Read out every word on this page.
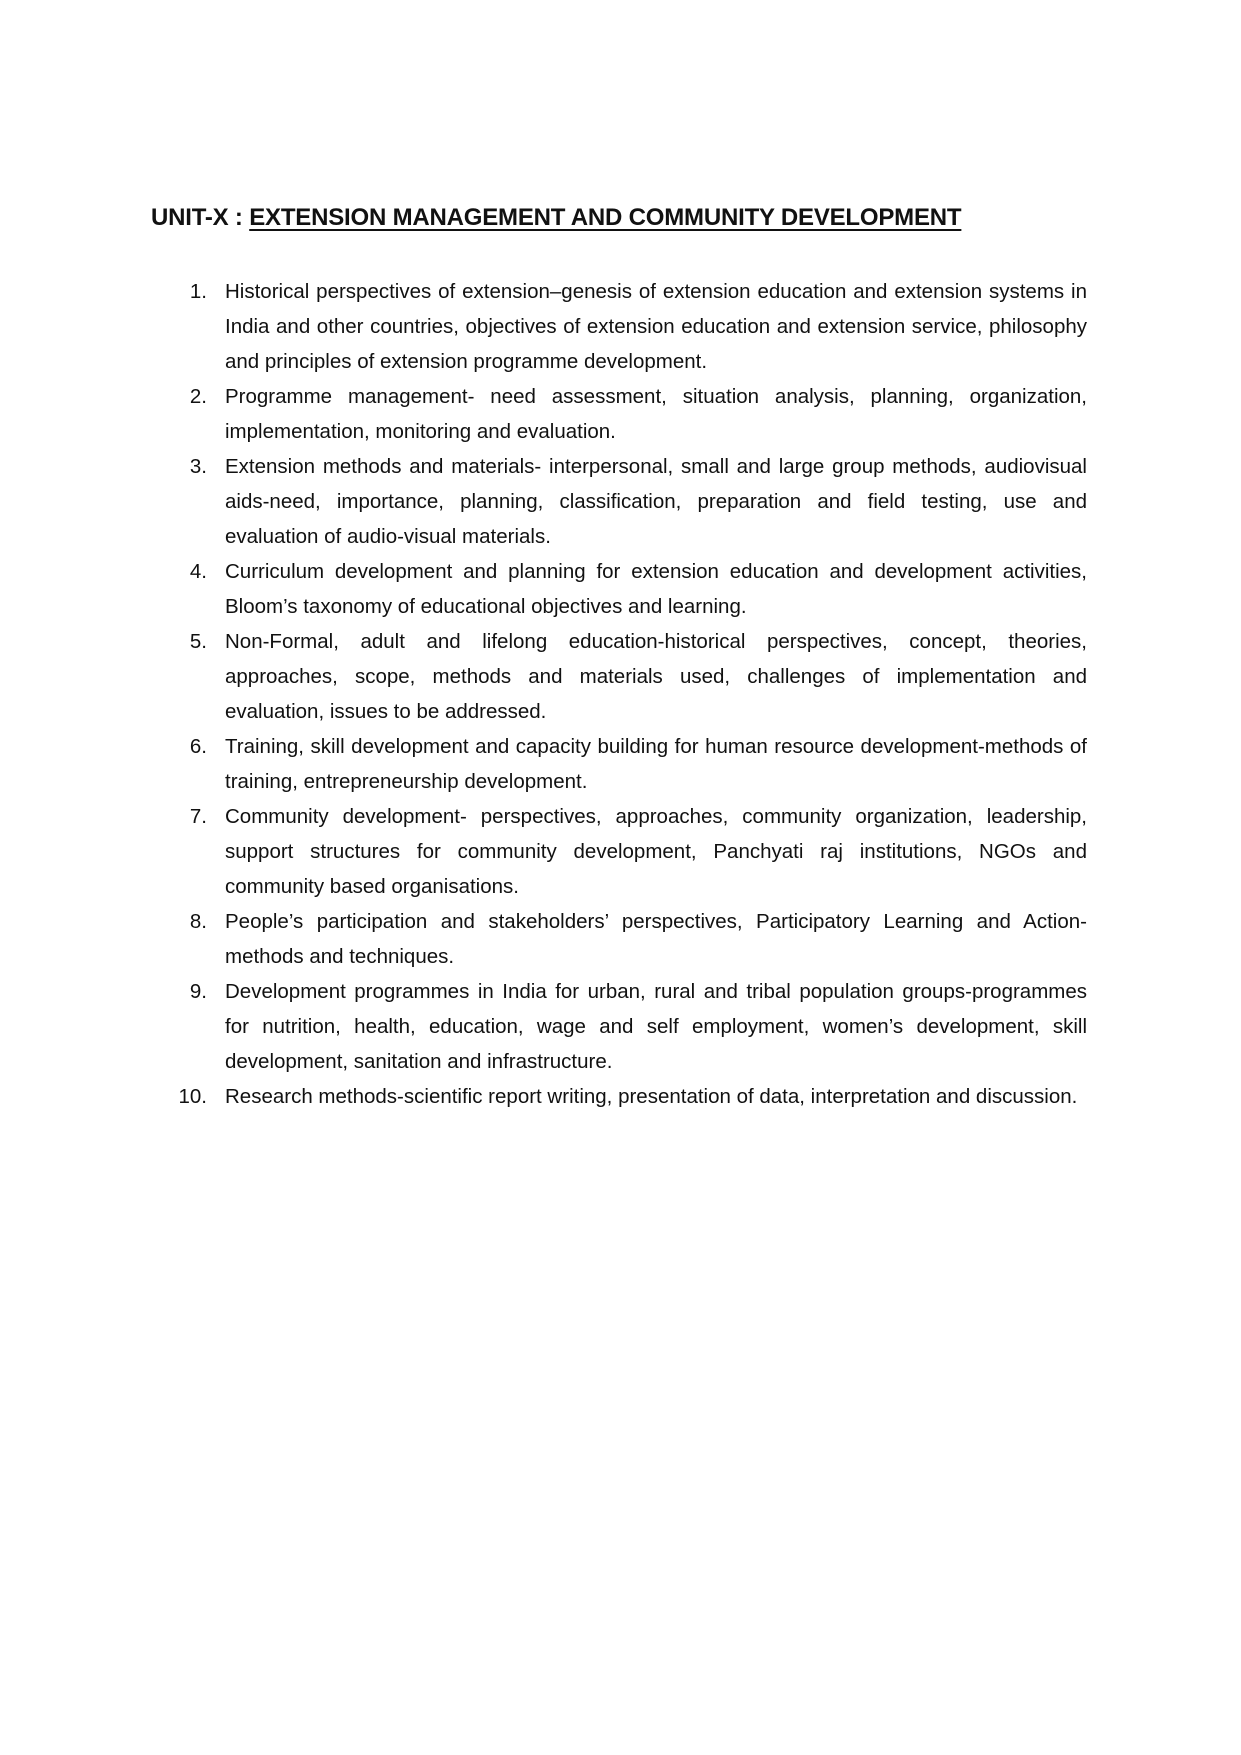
UNIT-X : EXTENSION MANAGEMENT AND COMMUNITY DEVELOPMENT
1. Historical perspectives of extension–genesis of extension education and extension systems in India and other countries, objectives of extension education and extension service, philosophy and principles of extension programme development.
2. Programme management- need assessment, situation analysis, planning, organization, implementation, monitoring and evaluation.
3. Extension methods and materials- interpersonal, small and large group methods, audiovisual aids-need, importance, planning, classification, preparation and field testing, use and evaluation of audio-visual materials.
4. Curriculum development and planning for extension education and development activities, Bloom’s taxonomy of educational objectives and learning.
5. Non-Formal, adult and lifelong education-historical perspectives, concept, theories, approaches, scope, methods and materials used, challenges of implementation and evaluation, issues to be addressed.
6. Training, skill development and capacity building for human resource development-methods of training, entrepreneurship development.
7. Community development- perspectives, approaches, community organization, leadership, support structures for community development, Panchyati raj institutions, NGOs and community based organisations.
8. People’s participation and stakeholders’ perspectives, Participatory Learning and Action-methods and techniques.
9. Development programmes in India for urban, rural and tribal population groups-programmes for nutrition, health, education, wage and self employment, women’s development, skill development, sanitation and infrastructure.
10. Research methods-scientific report writing, presentation of data, interpretation and discussion.
